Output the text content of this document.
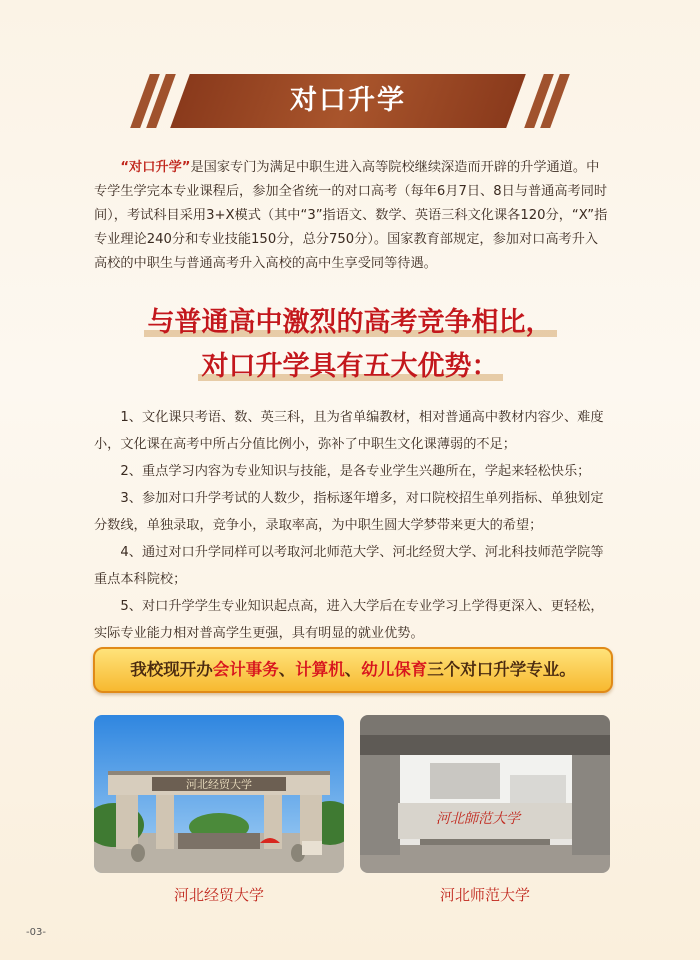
对口升学
“对口升学”是国家专门为满足中职生进入高等院校继续深造而开辟的升学通道。中专学生学完本专业课程后，参加全省统一的对口高考（每年6月7日、8日与普通高考同时间），考试科目采用3+X模式（其中“3”指语文、数学、英语三科文化课各120分，“X”指专业理论240分和专业技能150分，总分750分）。国家教育部规定，参加对口高考升入高校的中职生与普通高考升入高校的高中生享受同等待遇。
与普通高中激烈的高考竞争相比，
对口升学具有五大优势：

1、文化课只考语、数、英三科，且为省单编教材，相对普通高中教材内容少、难度小，文化课在高考中所占分值比例小，弥补了中职生文化课薄弱的不足；

2、重点学习内容为专业知识与技能，是各专业学生兴趣所在，学起来轻松快乐；

3、参加对口升学考试的人数少，指标逐年增多，对口院校招生单列指标、单独划定分数线，单独录取，竞争小，录取率高，为中职生圆大学梦带来更大的希望；

4、通过对口升学同样可以考取河北师范大学、河北经贸大学、河北科技师范学院等重点本科院校；

5、对口升学学生专业知识起点高，进入大学后在专业学习上学得更深入、更轻松，实际专业能力相对普高学生更强，具有明显的就业优势。

我校现开办会计事务、计算机、幼儿保育三个对口升学专业。
河北经贸大学
河北经贸大学
河北師范大学
河北师范大学
-03-
